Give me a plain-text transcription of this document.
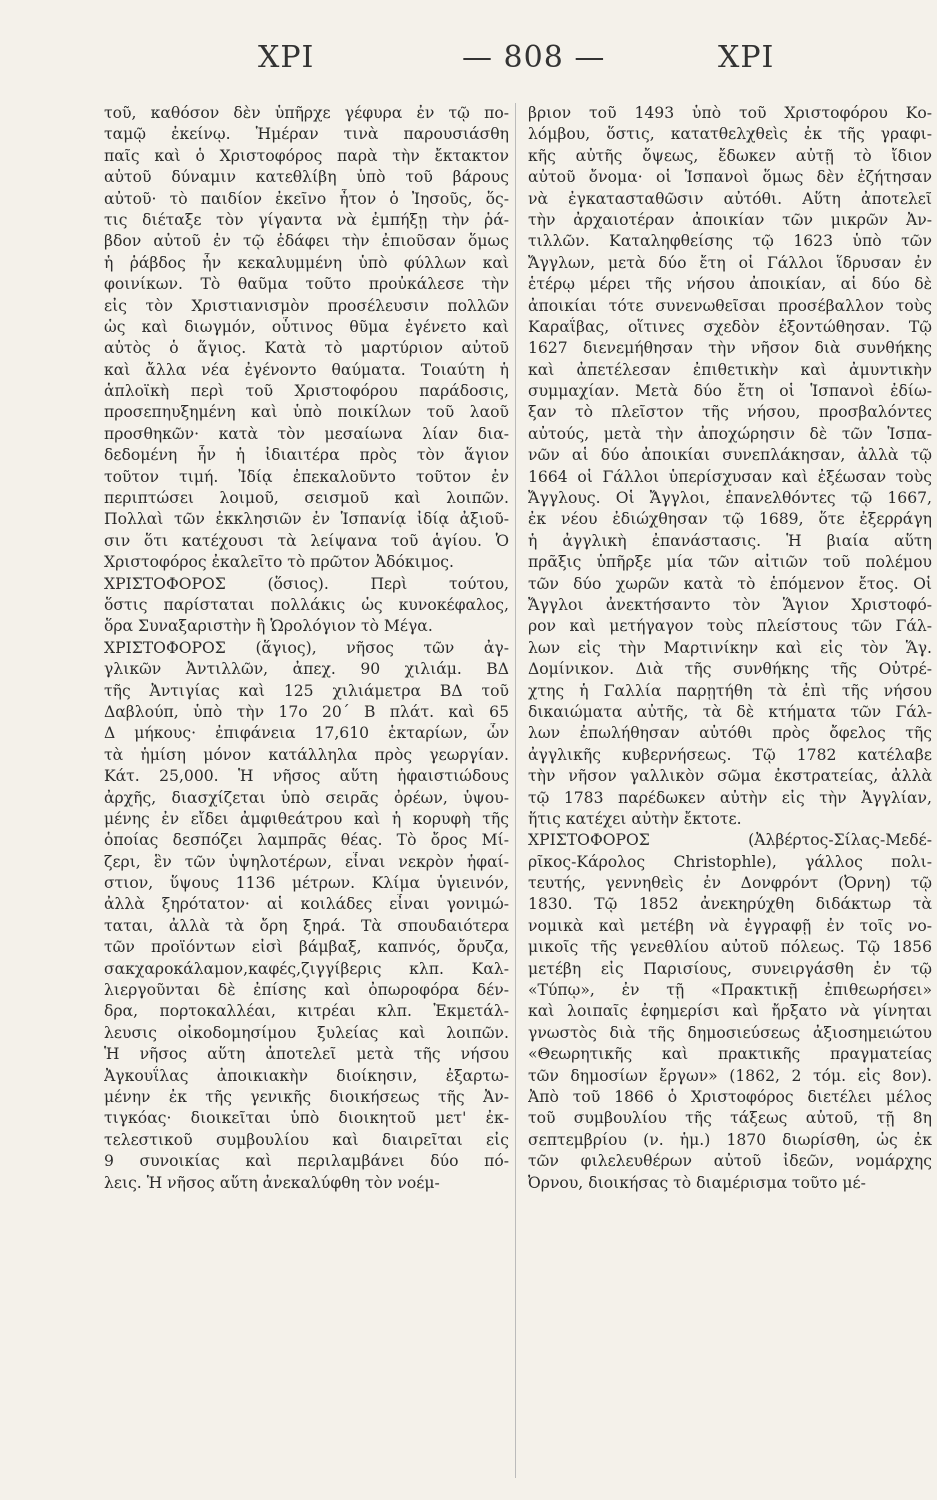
ΧΡΙ	— 808 —	ΧΡΙ
τοῦ, καθόσον δὲν ὑπῆρχε γέφυρα ἐν τῷ πο-
ταμῷ ἐκείνῳ. Ἡμέραν τινὰ παρουσιάσθη
παῖς καὶ ὁ Χριστοφόρος παρὰ τὴν ἔκτακτον
αὐτοῦ δύναμιν κατεθλίβη ὑπὸ τοῦ βάρους
αὐτοῦ· τὸ παιδίον ἐκεῖνο ἦτον ὁ Ἰησοῦς, ὅς-
τις διέταξε τὸν γίγαντα νὰ ἐμπήξῃ τὴν ῥά-
βδον αὐτοῦ ἐν τῷ ἐδάφει τὴν ἐπιοῦσαν ὅμως
ἡ ῥάβδος ἦν κεκαλυμμένη ὑπὸ φύλλων καὶ
φοινίκων. Τὸ θαῦμα τοῦτο προὐκάλεσε τὴν
εἰς τὸν Χριστιανισμὸν προσέλευσιν πολλῶν
ὡς καὶ διωγμόν, οὗτινος θῦμα ἐγένετο καὶ
αὐτὸς ὁ ἅγιος. Κατὰ τὸ μαρτύριον αὐτοῦ
καὶ ἄλλα νέα ἐγένοντο θαύματα. Τοιαύτη ἡ
ἁπλοϊκὴ περὶ τοῦ Χριστοφόρου παράδοσις,
προσεπηυξημένη καὶ ὑπὸ ποικίλων τοῦ λαοῦ
προσθηκῶν· κατὰ τὸν μεσαίωνα λίαν δια-
δεδομένη ἦν ἡ ἰδιαιτέρα πρὸς τὸν ἅγιον
τοῦτον τιμή. Ἰδίᾳ ἐπεκαλοῦντο τοῦτον ἐν
περιπτώσει λοιμοῦ, σεισμοῦ καὶ λοιπῶν.
Πολλαὶ τῶν ἐκκλησιῶν ἐν Ἱσπανίᾳ ἰδίᾳ ἀξιοῦ-
σιν ὅτι κατέχουσι τὰ λείψανα τοῦ ἁγίου. Ὁ
Χριστοφόρος ἐκαλεῖτο τὸ πρῶτον Ἀδόκιμος.
ΧΡΙΣΤΟΦΟΡΟΣ (ὅσιος). Περὶ τούτου,
ὅστις παρίσταται πολλάκις ὡς κυνοκέφαλος,
ὅρα Συναξαριστὴν ἢ Ὡρολόγιον τὸ Μέγα.
ΧΡΙΣΤΟΦΟΡΟΣ (ἅγιος), νῆσος τῶν ἀγ-
γλικῶν Ἀντιλλῶν, ἀπεχ. 90 χιλιάμ. ΒΔ
τῆς Ἀντιγίας καὶ 125 χιλιάμετρα ΒΔ τοῦ
Δαβλούπ, ὑπὸ τὴν 17ο 20΄ Β πλάτ. καὶ 65
Δ μήκους· ἐπιφάνεια 17,610 ἑκταρίων, ὧν
τὰ ἡμίση μόνον κατάλληλα πρὸς γεωργίαν.
Κάτ. 25,000. Ἡ νῆσος αὕτη ἡφαιστιώδους
ἀρχῆς, διασχίζεται ὑπὸ σειρᾶς ὀρέων, ὑψου-
μένης ἐν εἴδει ἀμφιθεάτρου καὶ ἡ κορυφὴ τῆς
ὁποίας δεσπόζει λαμπρᾶς θέας. Τὸ ὄρος Μί-
ζερι, ἓν τῶν ὑψηλοτέρων, εἶναι νεκρὸν ἡφαί-
στιον, ὕψους 1136 μέτρων. Κλίμα ὑγιεινόν,
ἀλλὰ ξηρότατον· αἱ κοιλάδες εἶναι γονιμώ-
ταται, ἀλλὰ τὰ ὄρη ξηρά. Τὰ σπουδαιότερα
τῶν προϊόντων εἰσὶ βάμβαξ, καπνός, ὄρυζα,
σακχαροκάλαμον,καφές,ζιγγίβερις κλπ. Καλ-
λιεργοῦνται δὲ ἐπίσης καὶ ὀπωροφόρα δέν-
δρα, πορτοκαλλέαι, κιτρέαι κλπ. Ἐκμετάλ-
λευσις οἰκοδομησίμου ξυλείας καὶ λοιπῶν.
Ἡ νῆσος αὕτη ἀποτελεῖ μετὰ τῆς νήσου
Ἀγκουΐλας ἀποικιακὴν διοίκησιν, ἐξαρτω-
μένην ἐκ τῆς γενικῆς διοικήσεως τῆς Ἀν-
τιγκόας· διοικεῖται ὑπὸ διοικητοῦ μετ' ἐκ-
τελεστικοῦ συμβουλίου καὶ διαιρεῖται εἰς
9 συνοικίας καὶ περιλαμβάνει δύο πό-
λεις. Ἡ νῆσος αὕτη ἀνεκαλύφθη τὸν νοέμ-
βριον τοῦ 1493 ὑπὸ τοῦ Χριστοφόρου Κο-
λόμβου, ὅστις, κατατθελχθεὶς ἐκ τῆς γραφι-
κῆς αὐτῆς ὄψεως, ἔδωκεν αὐτῇ τὸ ἴδιον
αὐτοῦ ὄνομα· οἱ Ἱσπανοὶ ὅμως δὲν ἐζήτησαν
νὰ ἐγκατασταθῶσιν αὐτόθι. Αὕτη ἀποτελεῖ
τὴν ἀρχαιοτέραν ἀποικίαν τῶν μικρῶν Ἀν-
τιλλῶν. Καταληφθείσης τῷ 1623 ὑπὸ τῶν
Ἄγγλων, μετὰ δύο ἔτη οἱ Γάλλοι ἵδρυσαν ἐν
ἑτέρῳ μέρει τῆς νήσου ἀποικίαν, αἱ δύο δὲ
ἀποικίαι τότε συνενωθεῖσαι προσέβαλλον τοὺς
Καραΐβας, οἵτινες σχεδὸν ἐξοντώθησαν. Τῷ
1627 διενεμήθησαν τὴν νῆσον διὰ συνθήκης
καὶ ἀπετέλεσαν ἐπιθετικὴν καὶ ἀμυντικὴν
συμμαχίαν. Μετὰ δύο ἔτη οἱ Ἱσπανοὶ ἐδίω-
ξαν τὸ πλεῖστον τῆς νήσου, προσβαλόντες
αὐτούς, μετὰ τὴν ἀποχώρησιν δὲ τῶν Ἱσπα-
νῶν αἱ δύο ἀποικίαι συνεπλάκησαν, ἀλλὰ τῷ
1664 οἱ Γάλλοι ὑπερίσχυσαν καὶ ἐξέωσαν τοὺς
Ἄγγλους. Οἱ Ἄγγλοι, ἐπανελθόντες τῷ 1667,
ἐκ νέου ἐδιώχθησαν τῷ 1689, ὅτε ἐξερράγη
ἡ ἀγγλικὴ ἐπανάστασις. Ἡ βιαία αὕτη
πρᾶξις ὑπῆρξε μία τῶν αἰτιῶν τοῦ πολέμου
τῶν δύο χωρῶν κατὰ τὸ ἑπόμενον ἔτος. Οἱ
Ἄγγλοι ἀνεκτήσαντο τὸν Ἅγιον Χριστοφό-
ρον καὶ μετήγαγον τοὺς πλείστους τῶν Γάλ-
λων εἰς τὴν Μαρτινίκην καὶ εἰς τὸν Ἅγ.
Δομίνικον. Διὰ τῆς συνθήκης τῆς Οὐτρέ-
χτης ἡ Γαλλία παρῃτήθη τὰ ἐπὶ τῆς νήσου
δικαιώματα αὐτῆς, τὰ δὲ κτήματα τῶν Γάλ-
λων ἐπωλήθησαν αὐτόθι πρὸς ὄφελος τῆς
ἀγγλικῆς κυβερνήσεως. Τῷ 1782 κατέλαβε
τὴν νῆσον γαλλικὸν σῶμα ἐκστρατείας, ἀλλὰ
τῷ 1783 παρέδωκεν αὐτὴν εἰς τὴν Ἀγγλίαν,
ἥτις κατέχει αὐτὴν ἔκτοτε.
ΧΡΙΣΤΟΦΟΡΟΣ (Ἀλβέρτος-Σίλας-Μεδέ-
ρῖκος-Κάρολος Christophle), γάλλος πολι-
τευτής, γεννηθεὶς ἐν Δονφρόντ (Ὀρνη) τῷ
1830. Τῷ 1852 ἀνεκηρύχθη διδάκτωρ τὰ
νομικὰ καὶ μετέβη νὰ ἐγγραφῇ ἐν τοῖς νο-
μικοῖς τῆς γενεθλίου αὐτοῦ πόλεως. Τῷ 1856
μετέβη εἰς Παρισίους, συνειργάσθη ἐν τῷ
«Τύπῳ», ἐν τῇ «Πρακτικῇ ἐπιθεωρήσει»
καὶ λοιπαῖς ἐφημερίσι καὶ ἤρξατο νὰ γίνηται
γνωστὸς διὰ τῆς δημοσιεύσεως ἀξιοσημειώτου
«Θεωρητικῆς καὶ πρακτικῆς πραγματείας
τῶν δημοσίων ἔργων» (1862, 2 τόμ. εἰς 8ον).
Ἀπὸ τοῦ 1866 ὁ Χριστοφόρος διετέλει μέλος
τοῦ συμβουλίου τῆς τάξεως αὐτοῦ, τῇ 8η
σεπτεμβρίου (ν. ἡμ.) 1870 διωρίσθη, ὡς ἐκ
τῶν φιλελευθέρων αὐτοῦ ἰδεῶν, νομάρχης
Ὀρνου, διοικήσας τὸ διαμέρισμα τοῦτο μέ-
